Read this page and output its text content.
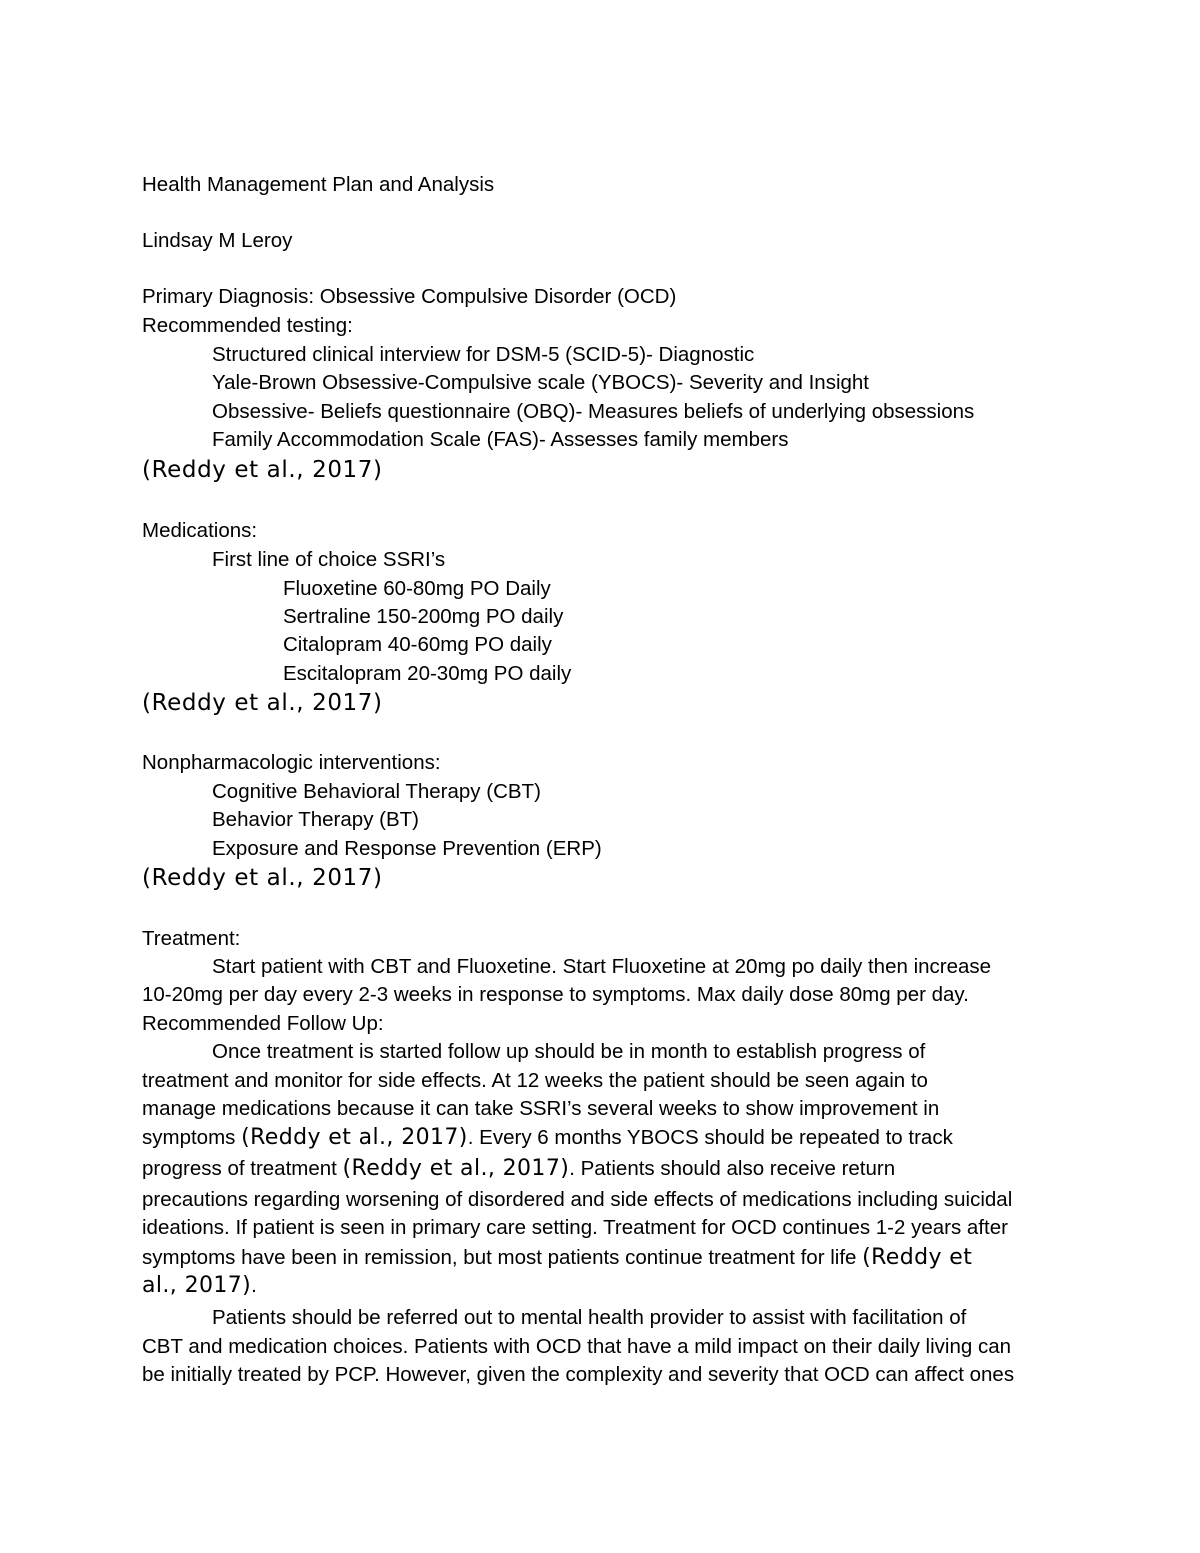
Health Management Plan and Analysis
Lindsay M Leroy
Primary Diagnosis: Obsessive Compulsive Disorder (OCD)
Recommended testing:
Structured clinical interview for DSM-5 (SCID-5)- Diagnostic
Yale-Brown Obsessive-Compulsive scale (YBOCS)- Severity and Insight
Obsessive- Beliefs questionnaire (OBQ)- Measures beliefs of underlying obsessions
Family Accommodation Scale (FAS)- Assesses family members
(Reddy et al., 2017)
Medications:
First line of choice SSRI’s
Fluoxetine 60-80mg PO Daily
Sertraline 150-200mg PO daily
Citalopram 40-60mg PO daily
Escitalopram 20-30mg PO daily
(Reddy et al., 2017)
Nonpharmacologic interventions:
Cognitive Behavioral Therapy (CBT)
Behavior Therapy (BT)
Exposure and Response Prevention (ERP)
(Reddy et al., 2017)
Treatment:
Start patient with CBT and Fluoxetine. Start Fluoxetine at 20mg po daily then increase
10-20mg per day every 2-3 weeks in response to symptoms. Max daily dose 80mg per day.
Recommended Follow Up:
Once treatment is started follow up should be in month to establish progress of
treatment and monitor for side effects. At 12 weeks the patient should be seen again to
manage medications because it can take SSRI’s several weeks to show improvement in
symptoms (Reddy et al., 2017). Every 6 months YBOCS should be repeated to track
progress of treatment (Reddy et al., 2017). Patients should also receive return
precautions regarding worsening of disordered and side effects of medications including suicidal
ideations. If patient is seen in primary care setting. Treatment for OCD continues 1-2 years after
symptoms have been in remission, but most patients continue treatment for life (Reddy et
al., 2017).
Patients should be referred out to mental health provider to assist with facilitation of
CBT and medication choices. Patients with OCD that have a mild impact on their daily living can
be initially treated by PCP. However, given the complexity and severity that OCD can affect ones
